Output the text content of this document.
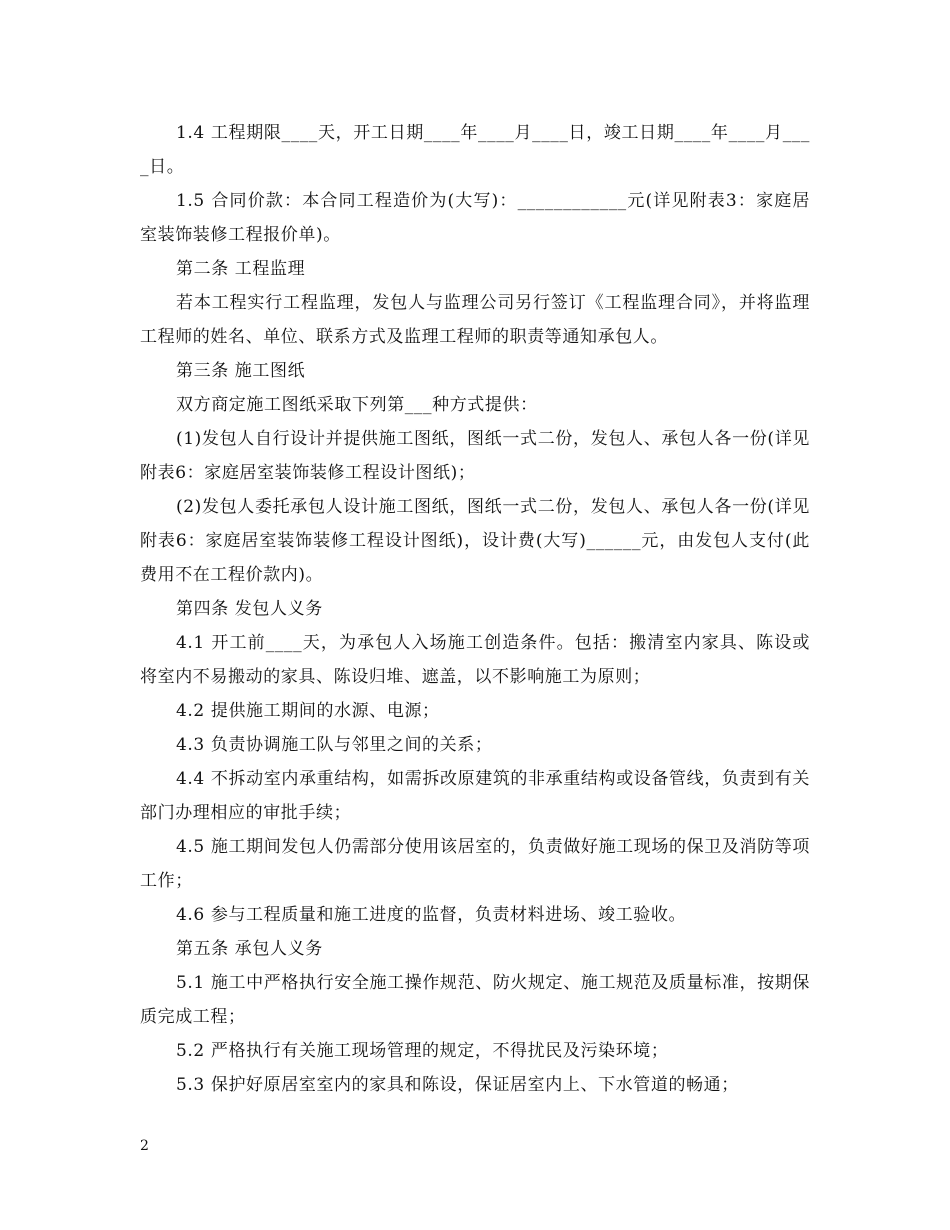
1.4 工程期限____天，开工日期____年____月____日，竣工日期____年____月____日。

1.5 合同价款：本合同工程造价为(大写)：____________元(详见附表3：家庭居室装饰装修工程报价单)。

第二条 工程监理

若本工程实行工程监理，发包人与监理公司另行签订《工程监理合同》，并将监理工程师的姓名、单位、联系方式及监理工程师的职责等通知承包人。

第三条 施工图纸

双方商定施工图纸采取下列第___种方式提供：

(1)发包人自行设计并提供施工图纸，图纸一式二份，发包人、承包人各一份(详见附表6：家庭居室装饰装修工程设计图纸)；

(2)发包人委托承包人设计施工图纸，图纸一式二份，发包人、承包人各一份(详见附表6：家庭居室装饰装修工程设计图纸)，设计费(大写)______元，由发包人支付(此费用不在工程价款内)。

第四条 发包人义务

4.1 开工前____天，为承包人入场施工创造条件。包括：搬清室内家具、陈设或将室内不易搬动的家具、陈设归堆、遮盖，以不影响施工为原则；

4.2 提供施工期间的水源、电源；

4.3 负责协调施工队与邻里之间的关系；

4.4 不拆动室内承重结构，如需拆改原建筑的非承重结构或设备管线，负责到有关部门办理相应的审批手续；

4.5 施工期间发包人仍需部分使用该居室的，负责做好施工现场的保卫及消防等项工作；

4.6 参与工程质量和施工进度的监督，负责材料进场、竣工验收。

第五条 承包人义务

5.1 施工中严格执行安全施工操作规范、防火规定、施工规范及质量标准，按期保质完成工程；

5.2 严格执行有关施工现场管理的规定，不得扰民及污染环境；

5.3 保护好原居室室内的家具和陈设，保证居室内上、下水管道的畅通；

2
